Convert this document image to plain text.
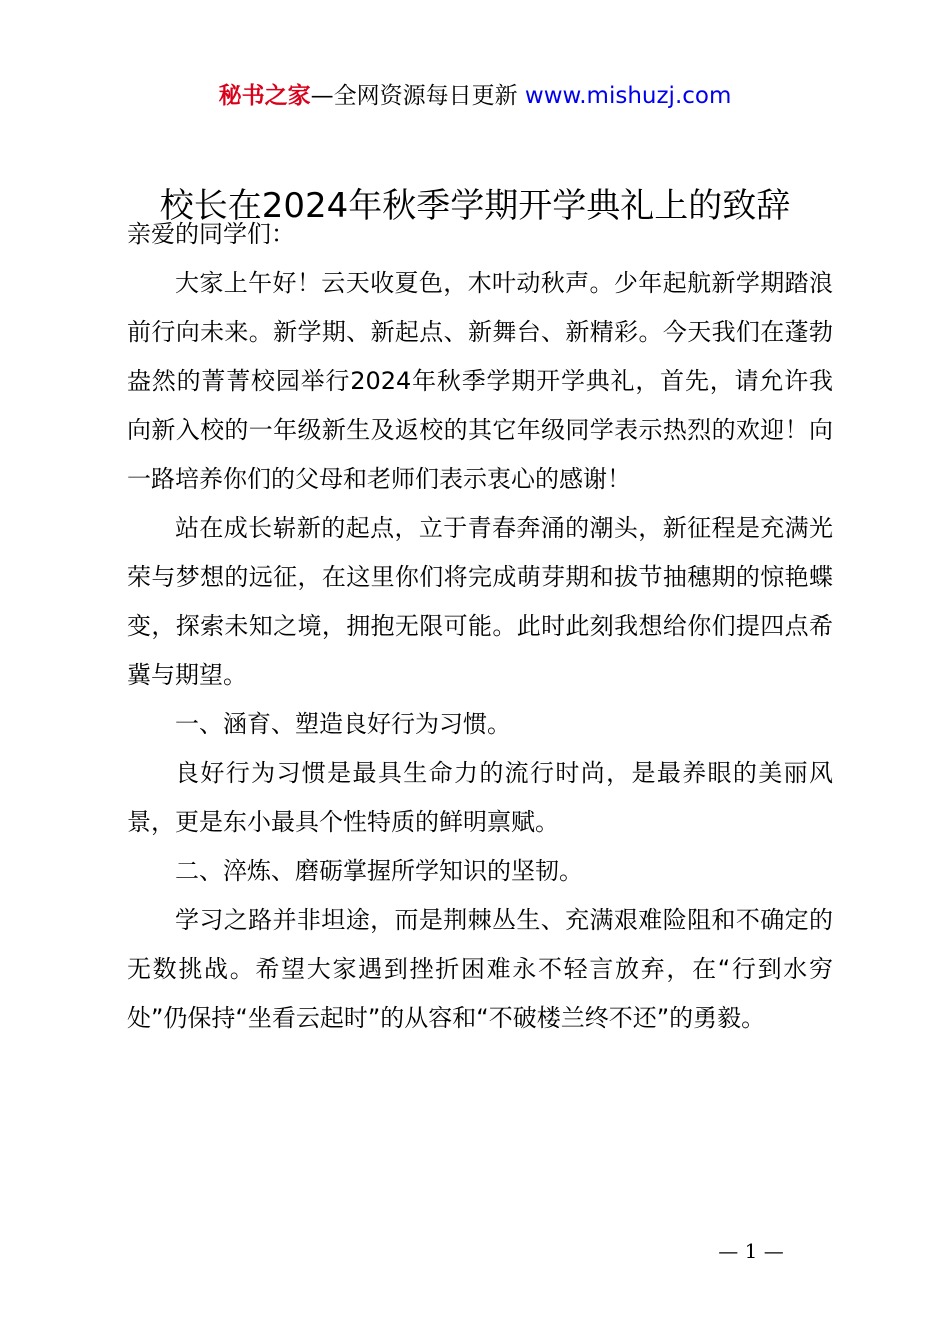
秘书之家—全网资源每日更新 www.mishuzj.com
校长在2024年秋季学期开学典礼上的致辞

亲爱的同学们：

大家上午好！云天收夏色，木叶动秋声。少年起航新学期踏浪前行向未来。新学期、新起点、新舞台、新精彩。今天我们在蓬勃盎然的菁菁校园举行2024年秋季学期开学典礼，首先，请允许我向新入校的一年级新生及返校的其它年级同学表示热烈的欢迎！向一路培养你们的父母和老师们表示衷心的感谢！

站在成长崭新的起点，立于青春奔涌的潮头，新征程是充满光荣与梦想的远征，在这里你们将完成萌芽期和拔节抽穗期的惊艳蝶变，探索未知之境，拥抱无限可能。此时此刻我想给你们提四点希冀与期望。

一、涵育、塑造良好行为习惯。

良好行为习惯是最具生命力的流行时尚，是最养眼的美丽风景，更是东小最具个性特质的鲜明禀赋。

二、淬炼、磨砺掌握所学知识的坚韧。

学习之路并非坦途，而是荆棘丛生、充满艰难险阻和不确定的无数挑战。希望大家遇到挫折困难永不轻言放弃，在“行到水穷处”仍保持“坐看云起时”的从容和“不破楼兰终不还”的勇毅。

— 1 —
